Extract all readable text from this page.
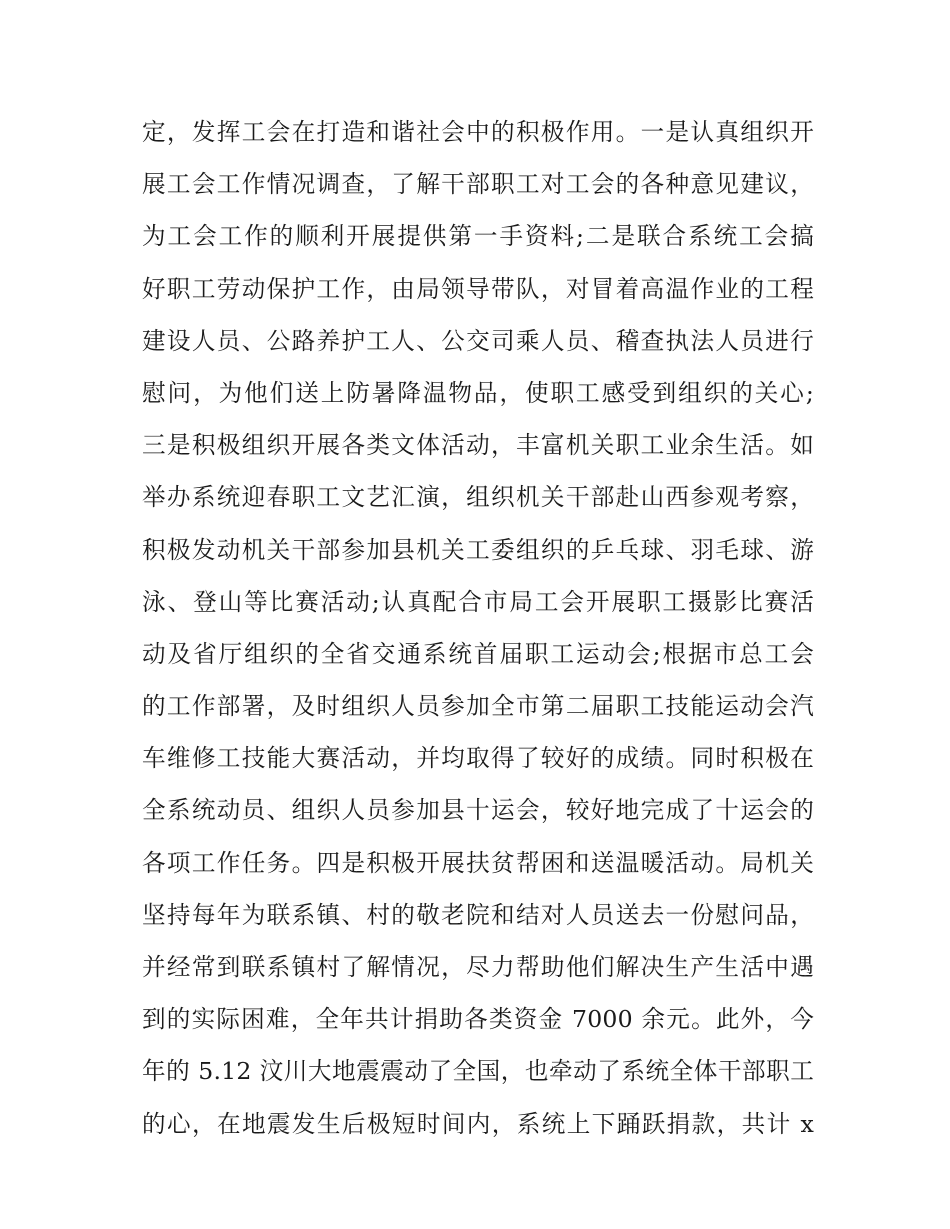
定，发挥工会在打造和谐社会中的积极作用。一是认真组织开
展工会工作情况调查，了解干部职工对工会的各种意见建议，
为工会工作的顺利开展提供第一手资料;二是联合系统工会搞
好职工劳动保护工作，由局领导带队，对冒着高温作业的工程
建设人员、公路养护工人、公交司乘人员、稽查执法人员进行
慰问，为他们送上防暑降温物品，使职工感受到组织的关心;
三是积极组织开展各类文体活动，丰富机关职工业余生活。如
举办系统迎春职工文艺汇演，组织机关干部赴山西参观考察，
积极发动机关干部参加县机关工委组织的乒乓球、羽毛球、游
泳、登山等比赛活动;认真配合市局工会开展职工摄影比赛活
动及省厅组织的全省交通系统首届职工运动会;根据市总工会
的工作部署，及时组织人员参加全市第二届职工技能运动会汽
车维修工技能大赛活动，并均取得了较好的成绩。同时积极在
全系统动员、组织人员参加县十运会，较好地完成了十运会的
各项工作任务。四是积极开展扶贫帮困和送温暖活动。局机关
坚持每年为联系镇、村的敬老院和结对人员送去一份慰问品，
并经常到联系镇村了解情况，尽力帮助他们解决生产生活中遇
到的实际困难，全年共计捐助各类资金 7000 余元。此外，今
年的 5.12 汶川大地震震动了全国，也牵动了系统全体干部职工
的心，在地震发生后极短时间内，系统上下踊跃捐款，共计 x
